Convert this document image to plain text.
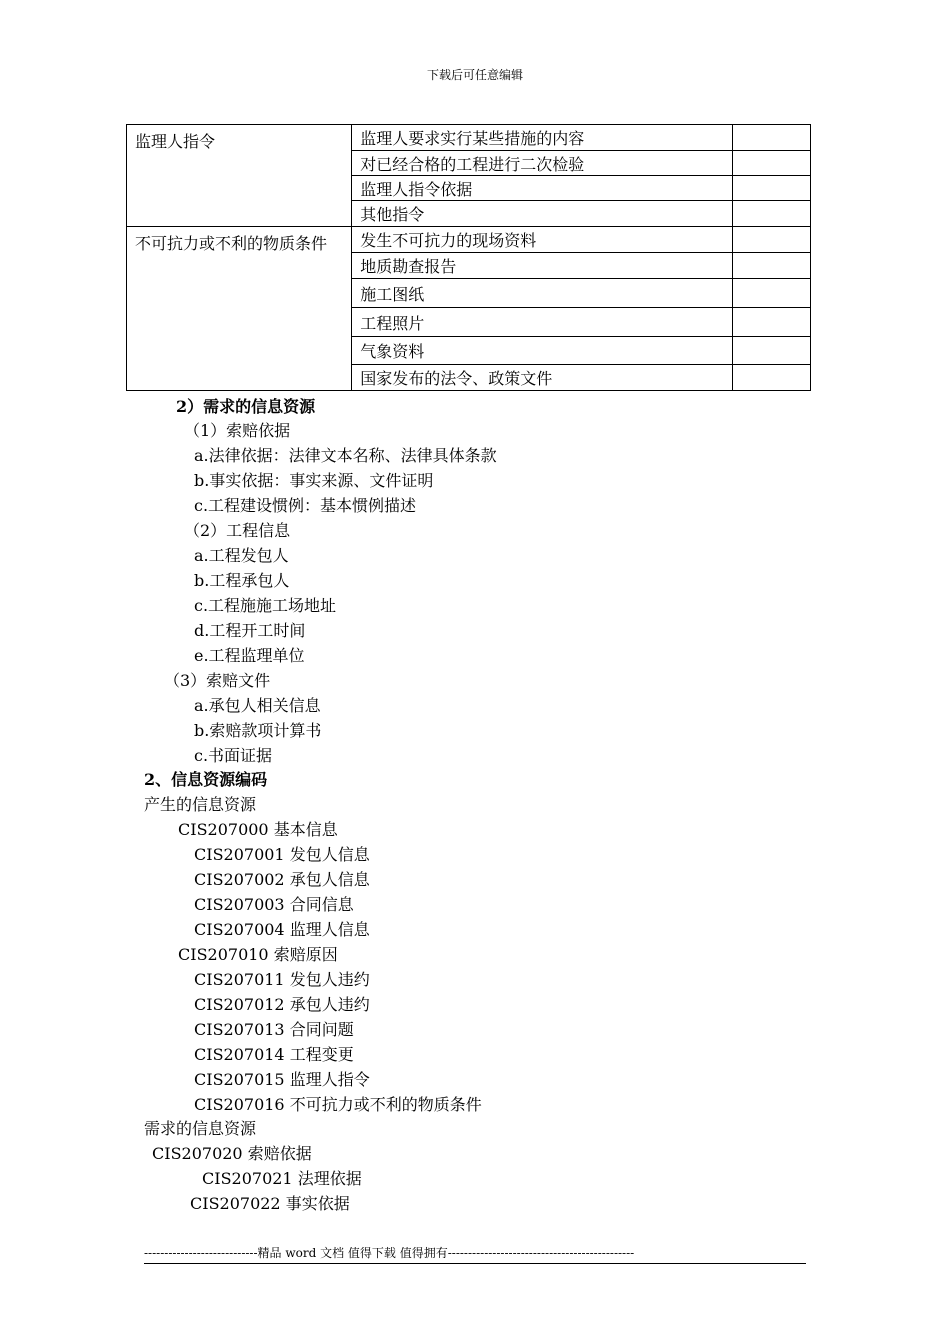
下载后可任意编辑
监理人指令	监理人要求实行某些措施的内容	
	对已经合格的工程进行二次检验	
	监理人指令依据	
	其他指令	
不可抗力或不利的物质条件	发生不可抗力的现场资料	
	地质勘查报告	
	施工图纸	
	工程照片	
	气象资料	
	国家发布的法令、政策文件	
2）需求的信息资源
（1）索赔依据
a.法律依据：法律文本名称、法律具体条款
b.事实依据：事实来源、文件证明
c.工程建设惯例：基本惯例描述
（2）工程信息
a.工程发包人
b.工程承包人
c.工程施施工场地址
d.工程开工时间
e.工程监理单位
（3）索赔文件
a.承包人相关信息
b.索赔款项计算书
c.书面证据
2、信息资源编码
产生的信息资源
CIS207000 基本信息
CIS207001 发包人信息
CIS207002 承包人信息
CIS207003 合同信息
CIS207004 监理人信息
CIS207010 索赔原因
CIS207011 发包人违约
CIS207012 承包人违约
CIS207013 合同问题
CIS207014 工程变更
CIS207015 监理人指令
CIS207016 不可抗力或不利的物质条件
需求的信息资源
CIS207020 索赔依据
CIS207021 法理依据
CIS207022 事实依据
----------------------------精品 word 文档 值得下载 值得拥有----------------------------------------------
